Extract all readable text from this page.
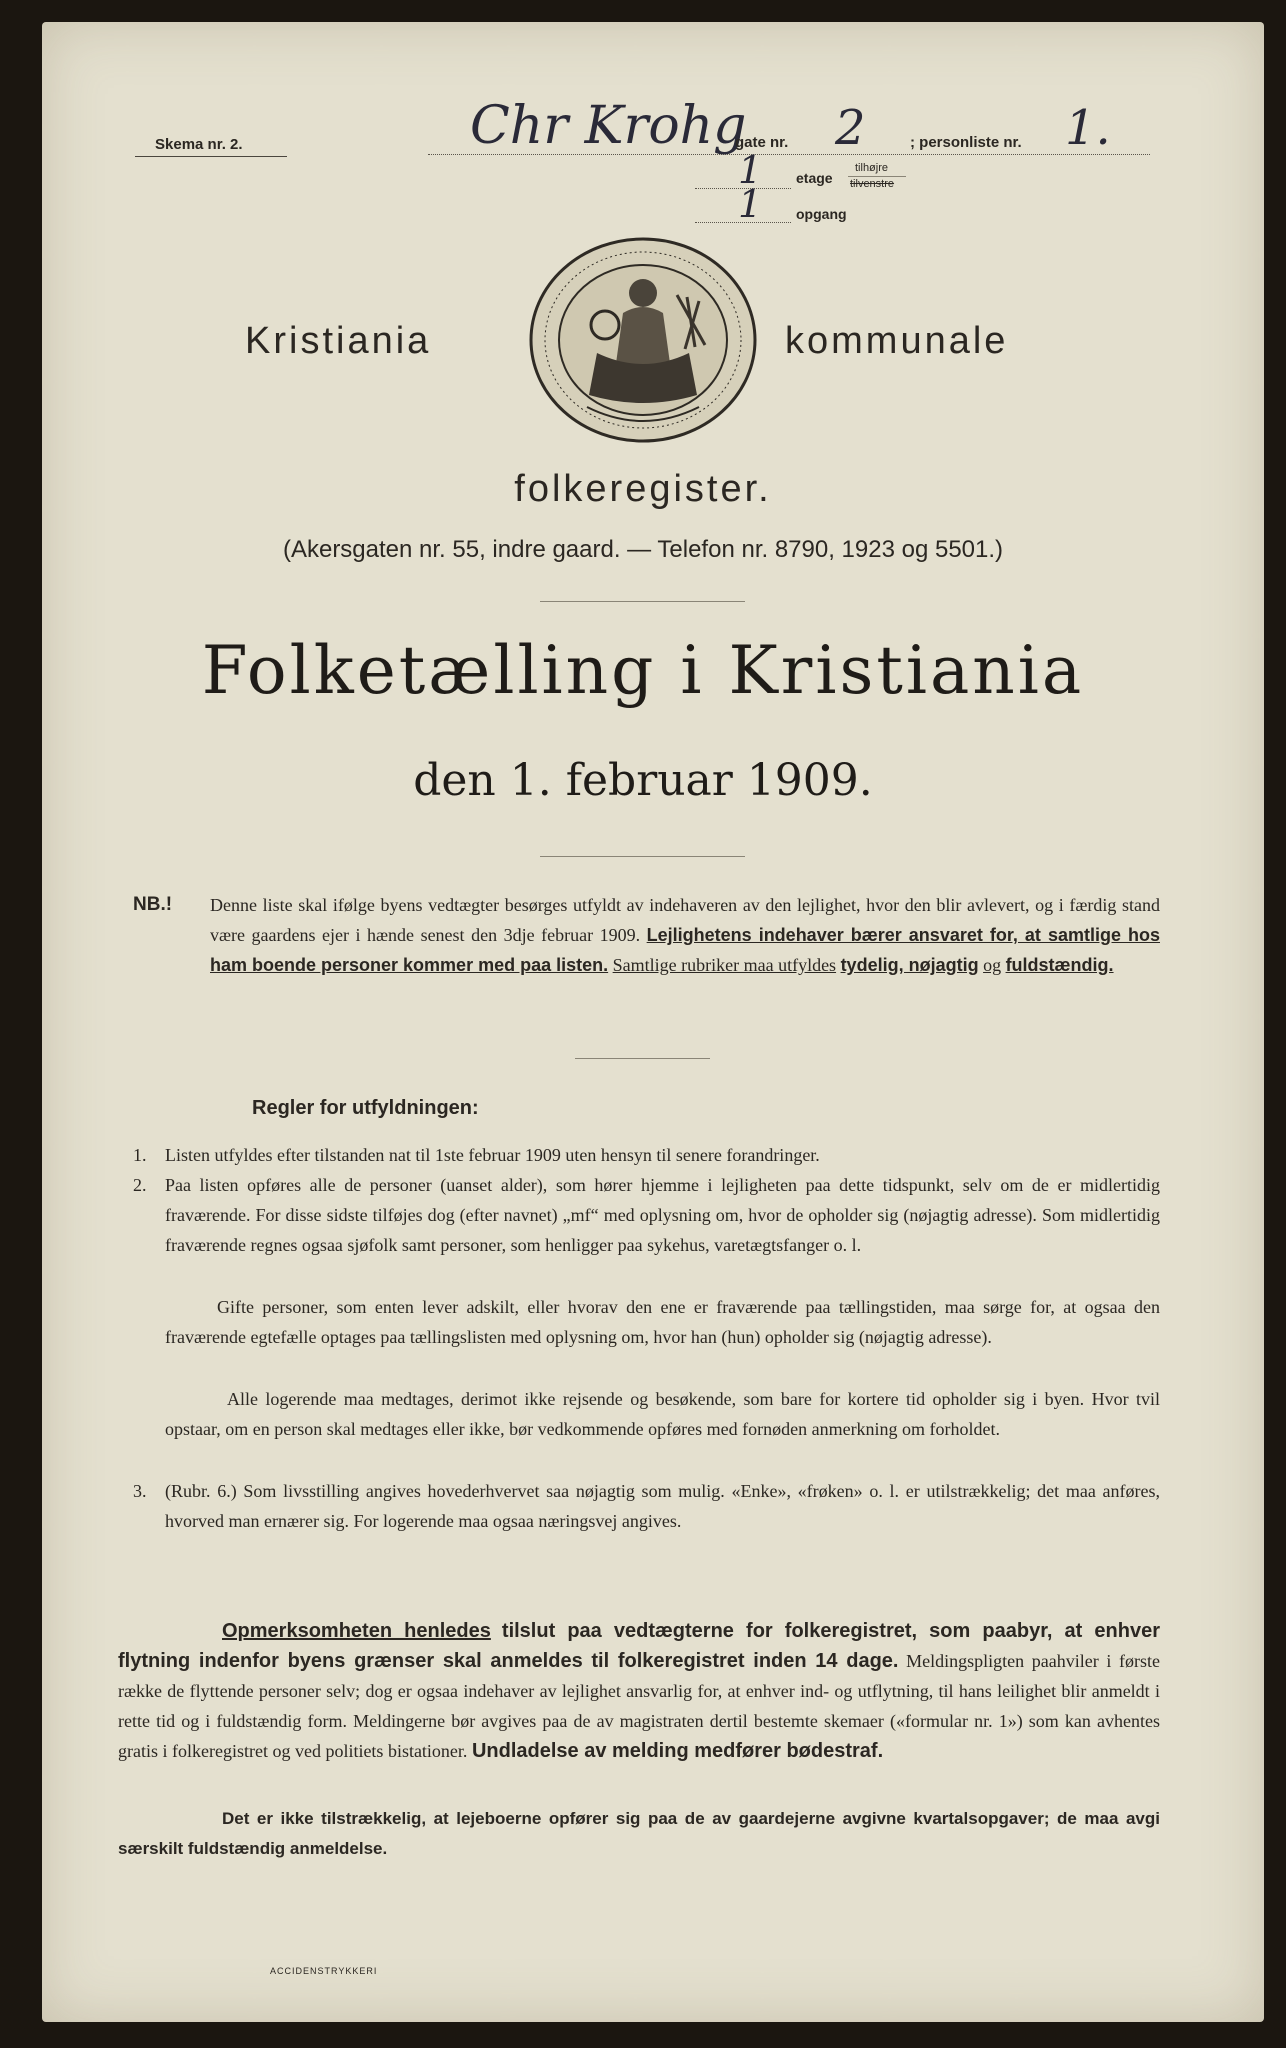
Skema nr. 2.	Chr Krohg
gate nr. 2	; personliste nr. 1.
1 etage
tilhøjre
tilvenstre
1 opgang
Kristiania	kommunale
folkeregister.
(Akersgaten nr. 55, indre gaard. — Telefon nr. 8790, 1923 og 5501.)
Folketælling i Kristiania
den 1. februar 1909.
NB.! Denne liste skal ifølge byens vedtægter besørges utfyldt av indehaveren av den lejlighet, hvor den blir avlevert, og i færdig stand være gaardens ejer i hænde senest den 3dje februar 1909. Lejlighetens indehaver bærer ansvaret for, at samtlige hos ham boende personer kommer med paa listen. Samtlige rubriker maa utfyldes tydelig, nøjagtig og fuldstændig.
Regler for utfyldningen:
1. Listen utfyldes efter tilstanden nat til 1ste februar 1909 uten hensyn til senere forandringer.
2. Paa listen opføres alle de personer (uanset alder), som hører hjemme i lejligheten paa dette tidspunkt, selv om de er midlertidig fraværende. For disse sidste tilføjes dog (efter navnet) „mf“ med oplysning om, hvor de opholder sig (nøjagtig adresse). Som midlertidig fraværende regnes ogsaa sjøfolk samt personer, som henligger paa sykehus, varetægtsfanger o. l.
Gifte personer, som enten lever adskilt, eller hvorav den ene er fraværende paa tællingstiden, maa sørge for, at ogsaa den fraværende egtefælle optages paa tællingslisten med oplysning om, hvor han (hun) opholder sig (nøjagtig adresse).
Alle logerende maa medtages, derimot ikke rejsende og besøkende, som bare for kortere tid opholder sig i byen. Hvor tvil opstaar, om en person skal medtages eller ikke, bør vedkommende opføres med fornøden anmerkning om forholdet.
3. (Rubr. 6.) Som livsstilling angives hovederhvervet saa nøjagtig som mulig. «Enke», «frøken» o. l. er utilstrækkelig; det maa anføres, hvorved man ernærer sig. For logerende maa ogsaa næringsvej angives.
Opmerksomheten henledes tilslut paa vedtægterne for folkeregistret, som paabyr, at enhver flytning indenfor byens grænser skal anmeldes til folkeregistret inden 14 dage. Meldingspligten paahviler i første række de flyttende personer selv; dog er ogsaa indehaver av lejlighet ansvarlig for, at enhver ind- og utflytning, til hans leilighet blir anmeldt i rette tid og i fuldstændig form. Meldingerne bør avgives paa de av magistraten dertil bestemte skemaer («formular nr. 1») som kan avhentes gratis i folkeregistret og ved politiets bistationer. Undladelse av melding medfører bødestraf.
Det er ikke tilstrækkelig, at lejeboerne opfører sig paa de av gaardejerne avgivne kvartalsopgaver; de maa avgi særskilt fuldstændig anmeldelse.
ACCIDENSTRYKKERI
